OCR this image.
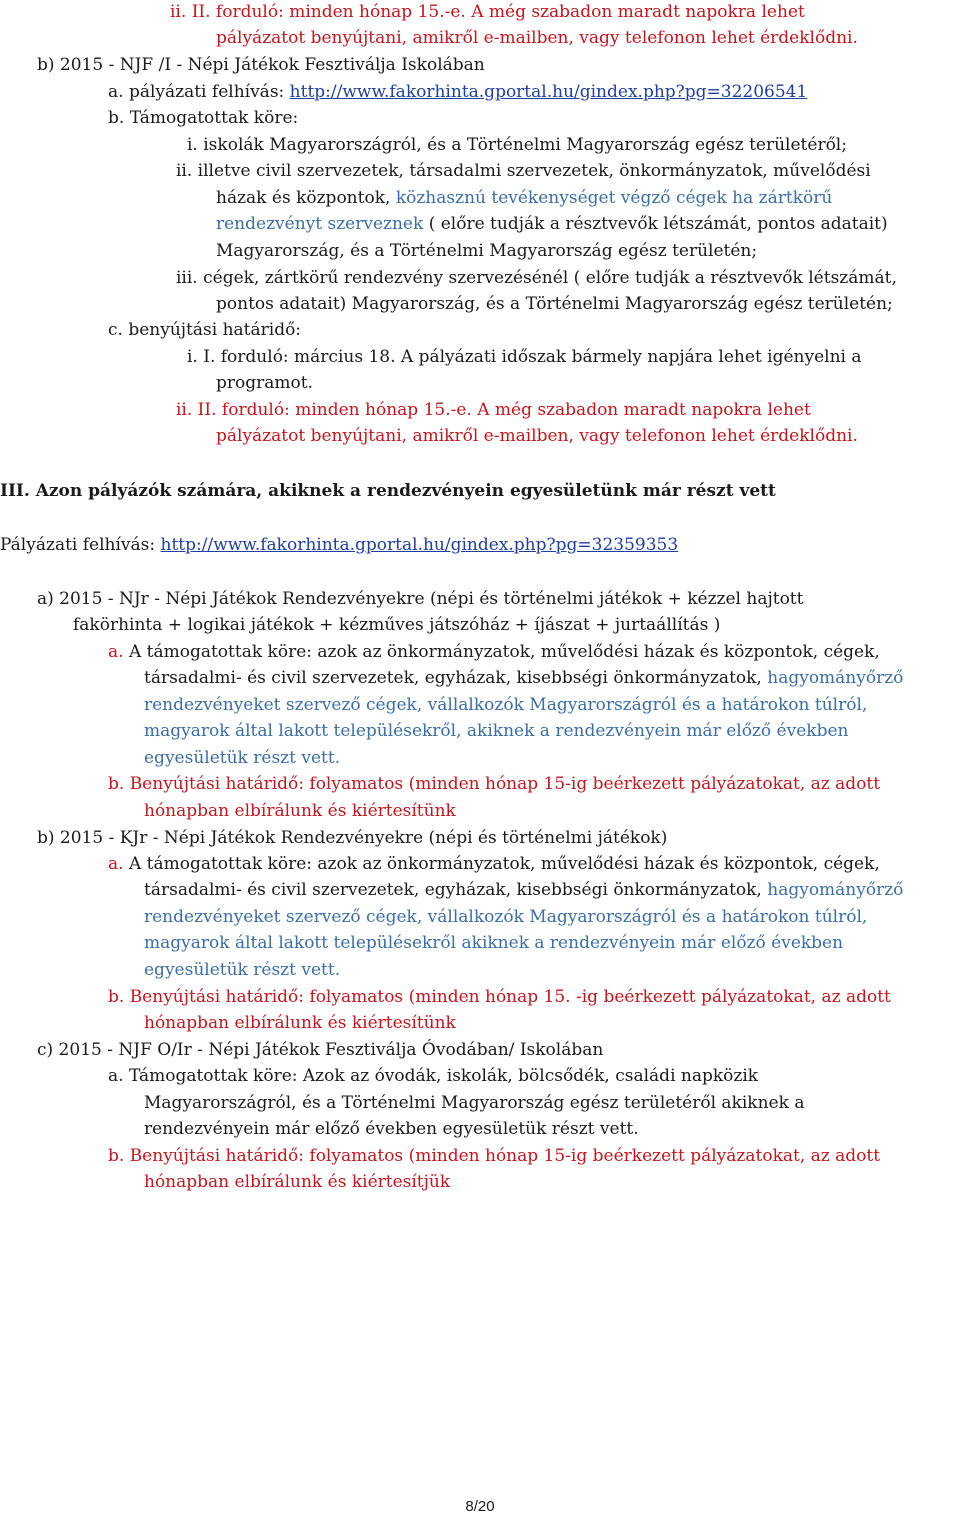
ii. II. forduló: minden hónap 15.-e. A még szabadon maradt napokra lehet
pályázatot benyújtani, amikről e-mailben, vagy telefonon lehet érdeklődni.
b) 2015 - NJF /I - Népi Játékok Fesztiválja Iskolában
a. pályázati felhívás: http://www.fakorhinta.gportal.hu/gindex.php?pg=32206541
b. Támogatottak köre:
i. iskolák Magyarországról, és a Történelmi Magyarország egész területéről;
ii. illetve civil szervezetek, társadalmi szervezetek, önkormányzatok, művelődési
házak és központok, közhasznú tevékenységet végző cégek ha zártkörű
rendezvényt szerveznek ( előre tudják a résztvevők létszámát, pontos adatait)
Magyarország, és a Történelmi Magyarország egész területén;
iii. cégek, zártkörű rendezvény szervezésénél ( előre tudják a résztvevők létszámát,
pontos adatait) Magyarország, és a Történelmi Magyarország egész területén;
c. benyújtási határidő:
i. I. forduló: március 18. A pályázati időszak bármely napjára lehet igényelni a
programot.
ii. II. forduló: minden hónap 15.-e. A még szabadon maradt napokra lehet
pályázatot benyújtani, amikről e-mailben, vagy telefonon lehet érdeklődni.
III. Azon pályázók számára, akiknek a rendezvényein egyesületünk már részt vett
Pályázati felhívás: http://www.fakorhinta.gportal.hu/gindex.php?pg=32359353
a) 2015 - NJr - Népi Játékok Rendezvényekre (népi és történelmi játékok + kézzel hajtott
fakörhinta + logikai játékok + kézműves játszóház + íjászat + jurtaállítás )
a. A támogatottak köre: azok az önkormányzatok, művelődési házak és központok, cégek,
társadalmi- és civil szervezetek, egyházak, kisebbségi önkormányzatok, hagyományőrző
rendezvényeket szervező cégek, vállalkozók Magyarországról és a határokon túlról,
magyarok által lakott településekről, akiknek a rendezvényein már előző években
egyesületük részt vett.
b. Benyújtási határidő: folyamatos (minden hónap 15-ig beérkezett pályázatokat, az adott
hónapban elbírálunk és kiértesítünk
b) 2015 - KJr - Népi Játékok Rendezvényekre (népi és történelmi játékok)
a. A támogatottak köre: azok az önkormányzatok, művelődési házak és központok, cégek,
társadalmi- és civil szervezetek, egyházak, kisebbségi önkormányzatok, hagyományőrző
rendezvényeket szervező cégek, vállalkozók Magyarországról és a határokon túlról,
magyarok által lakott településekről akiknek a rendezvényein már előző években
egyesületük részt vett.
b. Benyújtási határidő: folyamatos (minden hónap 15. -ig beérkezett pályázatokat, az adott
hónapban elbírálunk és kiértesítünk
c) 2015 - NJF O/Ir - Népi Játékok Fesztiválja Óvodában/ Iskolában
a. Támogatottak köre: Azok az óvodák, iskolák, bölcsődék, családi napközik
Magyarországról, és a Történelmi Magyarország egész területéről akiknek a
rendezvényein már előző években egyesületük részt vett.
b. Benyújtási határidő: folyamatos (minden hónap 15-ig beérkezett pályázatokat, az adott
hónapban elbírálunk és kiértesítjük
8/20
